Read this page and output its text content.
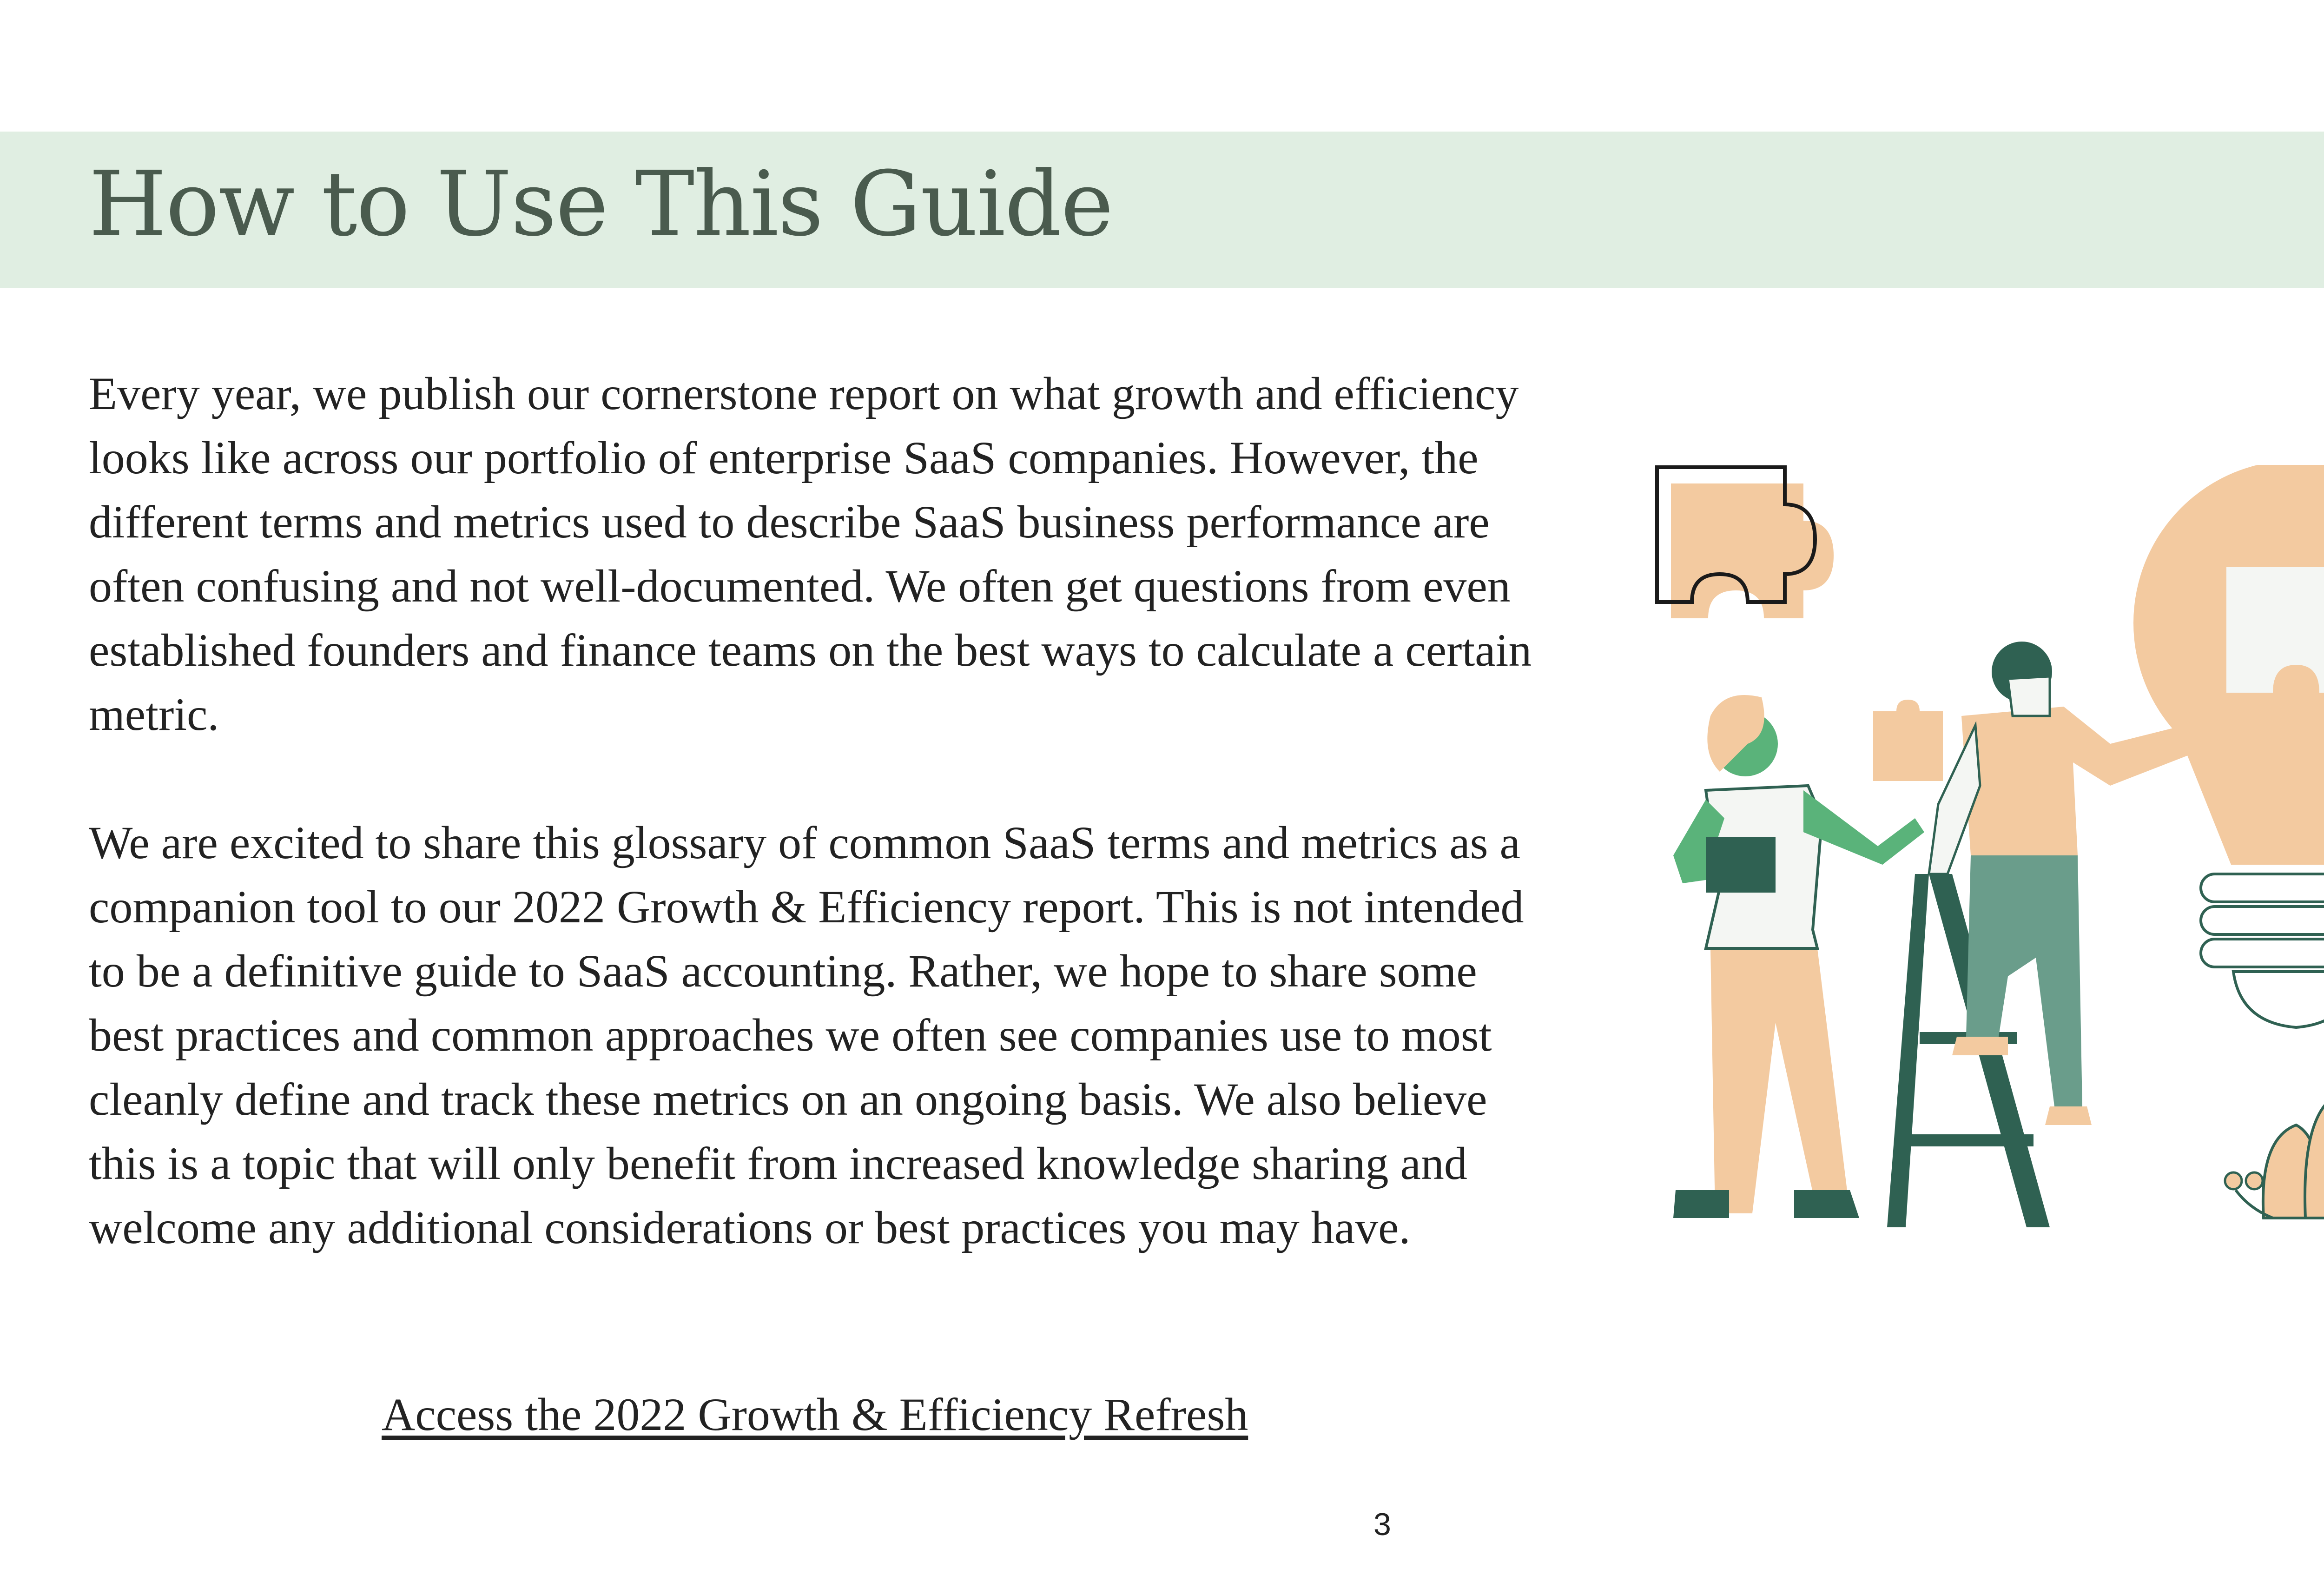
How to Use This Guide

Every year, we publish our cornerstone report on what growth and efficiency looks like across our portfolio of enterprise SaaS companies. However, the different terms and metrics used to describe SaaS business performance are often confusing and not well-documented. We often get questions from even established founders and finance teams on the best ways to calculate a certain metric.

We are excited to share this glossary of common SaaS terms and metrics as a companion tool to our 2022 Growth & Efficiency report. This is not intended to be a definitive guide to SaaS accounting. Rather, we hope to share some best practices and common approaches we often see companies use to most cleanly define and track these metrics on an ongoing basis. We also believe this is a topic that will only benefit from increased knowledge sharing and welcome any additional considerations or best practices you may have.

Access the 2022 Growth & Efficiency Refresh
3
